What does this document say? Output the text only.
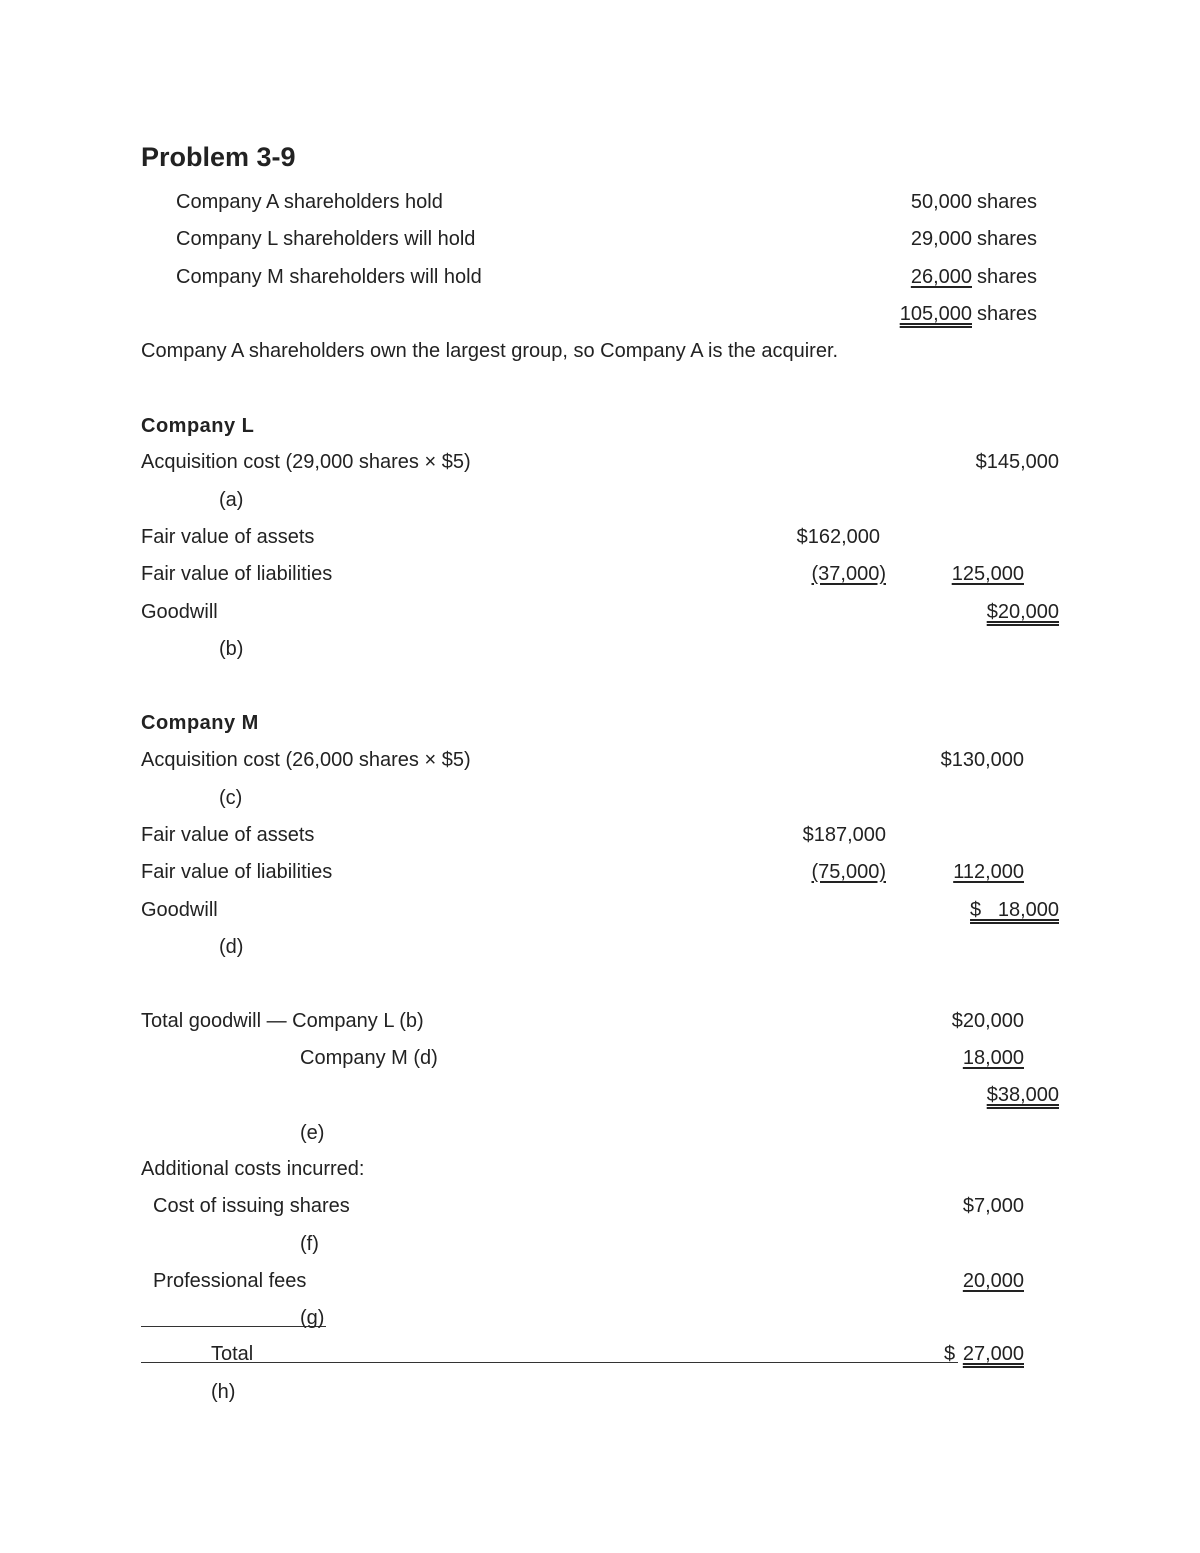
Problem 3-9
Company A shareholders hold	50,000 shares
Company L shareholders will hold	29,000 shares
Company M shareholders will hold	26,000 shares
105,000 shares
Company A shareholders own the largest group, so Company A is the acquirer.
Company L
Acquisition cost (29,000 shares × $5)	$145,000
(a)
Fair value of assets	$162,000
Fair value of liabilities	(37,000)	125,000
Goodwill	$20,000
(b)
Company M
Acquisition cost (26,000 shares × $5)	$130,000
(c)
Fair value of assets	$187,000
Fair value of liabilities	(75,000)	112,000
Goodwill	$   18,000
(d)
Total goodwill — Company L (b)	$20,000
Company M (d)	18,000
$38,000
(e)
Additional costs incurred:
Cost of issuing shares	$7,000
(f)
Professional fees	20,000
(g)
Total	$ 27,000
(h)
